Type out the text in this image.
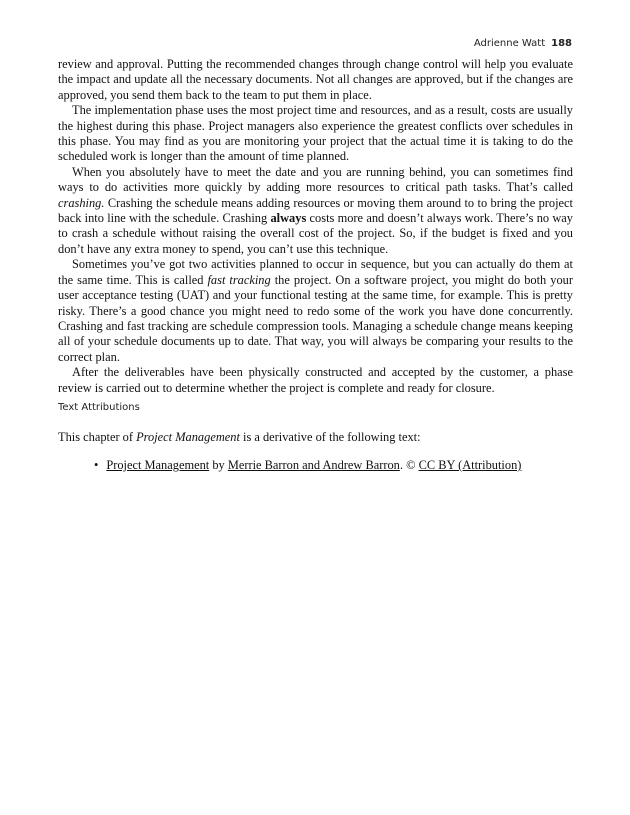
Adrienne Watt 188

review and approval. Putting the recommended changes through change control will help you evaluate the impact and update all the necessary documents. Not all changes are approved, but if the changes are approved, you send them back to the team to put them in place.

The implementation phase uses the most project time and resources, and as a result, costs are usually the highest during this phase. Project managers also experience the greatest conflicts over schedules in this phase. You may find as you are monitoring your project that the actual time it is taking to do the scheduled work is longer than the amount of time planned.

When you absolutely have to meet the date and you are running behind, you can sometimes find ways to do activities more quickly by adding more resources to critical path tasks. That’s called crashing. Crashing the schedule means adding resources or moving them around to to bring the project back into line with the schedule. Crashing always costs more and doesn’t always work. There’s no way to crash a schedule without raising the overall cost of the project. So, if the budget is fixed and you don’t have any extra money to spend, you can’t use this technique.

Sometimes you’ve got two activities planned to occur in sequence, but you can actually do them at the same time. This is called fast tracking the project. On a software project, you might do both your user acceptance testing (UAT) and your functional testing at the same time, for example. This is pretty risky. There’s a good chance you might need to redo some of the work you have done concurrently. Crashing and fast tracking are schedule compression tools. Managing a schedule change means keeping all of your schedule documents up to date. That way, you will always be comparing your results to the correct plan.

After the deliverables have been physically constructed and accepted by the customer, a phase review is carried out to determine whether the project is complete and ready for closure.

Text Attributions
This chapter of Project Management is a derivative of the following text:
• Project Management by Merrie Barron and Andrew Barron. © CC BY (Attribution)
